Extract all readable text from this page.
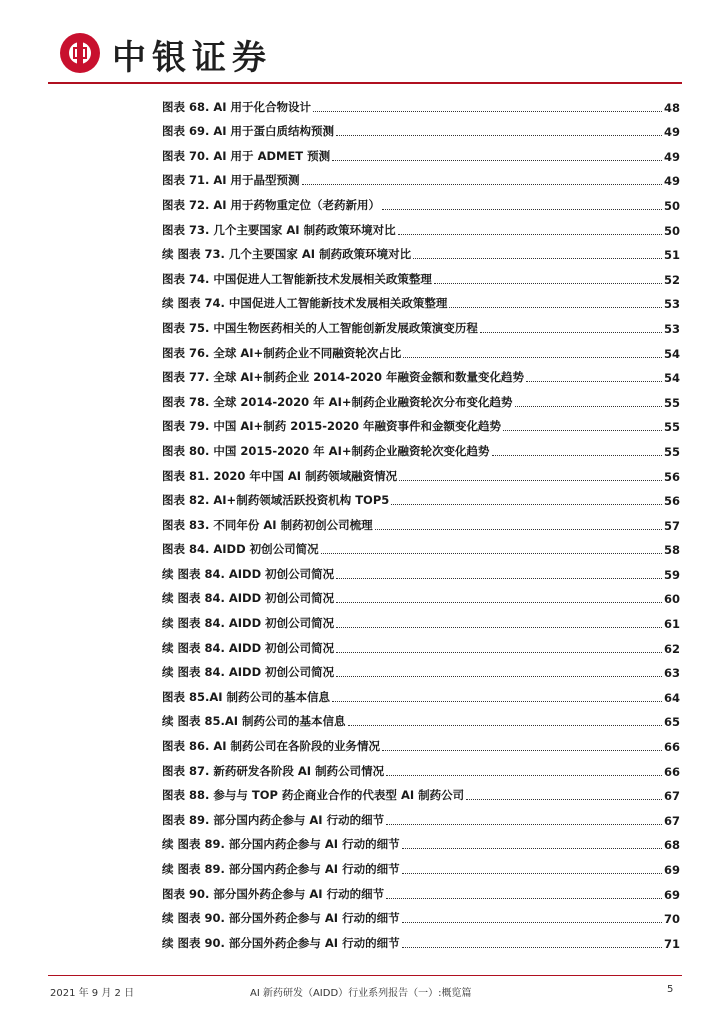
中银证券
图表 68. AI 用于化合物设计	48
图表 69. AI 用于蛋白质结构预测	49
图表 70. AI 用于 ADMET 预测	49
图表 71. AI 用于晶型预测	49
图表 72. AI 用于药物重定位（老药新用）	50
图表 73. 几个主要国家 AI 制药政策环境对比	50
续 图表 73. 几个主要国家 AI 制药政策环境对比	51
图表 74. 中国促进人工智能新技术发展相关政策整理	52
续 图表 74. 中国促进人工智能新技术发展相关政策整理	53
图表 75. 中国生物医药相关的人工智能创新发展政策演变历程	53
图表 76. 全球 AI+制药企业不同融资轮次占比	54
图表 77. 全球 AI+制药企业 2014-2020 年融资金额和数量变化趋势	54
图表 78. 全球 2014-2020 年 AI+制药企业融资轮次分布变化趋势	55
图表 79. 中国 AI+制药 2015-2020 年融资事件和金额变化趋势	55
图表 80. 中国 2015-2020 年 AI+制药企业融资轮次变化趋势	55
图表 81. 2020 年中国 AI 制药领域融资情况	56
图表 82. AI+制药领域活跃投资机构 TOP5	56
图表 83. 不同年份 AI 制药初创公司梳理	57
图表 84. AIDD 初创公司简况	58
续 图表 84. AIDD 初创公司简况	59
续 图表 84. AIDD 初创公司简况	60
续 图表 84. AIDD 初创公司简况	61
续 图表 84. AIDD 初创公司简况	62
续 图表 84. AIDD 初创公司简况	63
图表 85.AI 制药公司的基本信息	64
续 图表 85.AI 制药公司的基本信息	65
图表 86. AI 制药公司在各阶段的业务情况	66
图表 87. 新药研发各阶段 AI 制药公司情况	66
图表 88. 参与与 TOP 药企商业合作的代表型 AI 制药公司	67
图表 89. 部分国内药企参与 AI 行动的细节	67
续 图表 89. 部分国内药企参与 AI 行动的细节	68
续 图表 89. 部分国内药企参与 AI 行动的细节	69
图表 90. 部分国外药企参与 AI 行动的细节	69
续 图表 90. 部分国外药企参与 AI 行动的细节	70
续 图表 90. 部分国外药企参与 AI 行动的细节	71
2021 年 9 月 2 日	AI 新药研发（AIDD）行业系列报告（一）:概览篇	5
